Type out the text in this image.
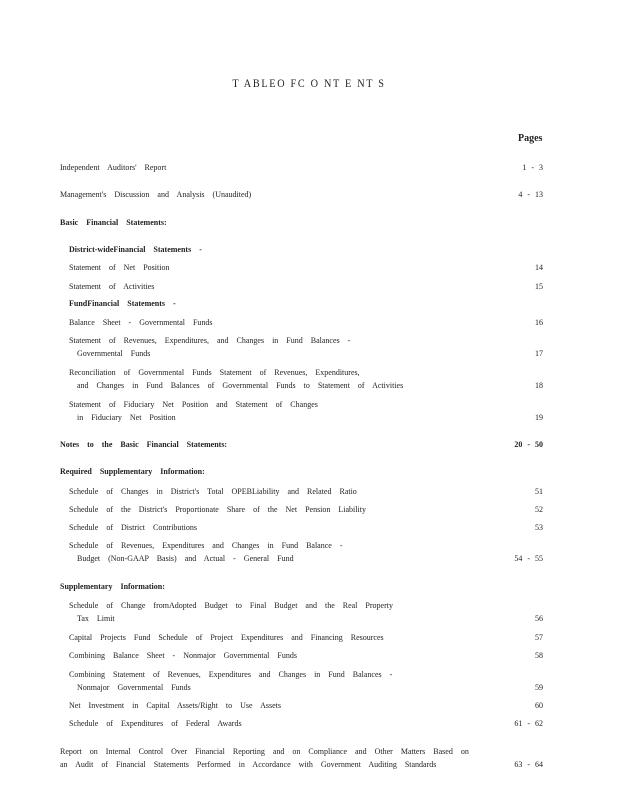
T ABLEO FC O NT E NT S
Pages
Independent Auditors' Report	1 - 3
Management's Discussion and Analysis (Unaudited)	4 - 13
Basic Financial Statements:
District-wideFinancial Statements -
Statement of Net Position	14
Statement of Activities	15
FundFinancial Statements -
Balance Sheet - Governmental Funds	16
Statement of Revenues, Expenditures, and Changes in Fund Balances -
Governmental Funds	17
Reconciliation of Governmental Funds Statement of Revenues, Expenditures,
and Changes in Fund Balances of Governmental Funds to Statement of Activities	18
Statement of Fiduciary Net Position and Statement of Changes
in Fiduciary Net Position	19
Notes to the Basic Financial Statements:	20 - 50
Required Supplementary Information:
Schedule of Changes in District's Total OPEBLiability and Related Ratio	51
Schedule of the District's Proportionate Share of the Net Pension Liability	52
Schedule of District Contributions	53
Schedule of Revenues, Expenditures and Changes in Fund Balance -
Budget (Non-GAAP Basis) and Actual - General Fund	54 - 55
Supplementary Information:
Schedule of Change fromAdopted Budget to Final Budget and the Real Property
Tax Limit	56
Capital Projects Fund Schedule of Project Expenditures and Financing Resources	57
Combining Balance Sheet - Nonmajor Governmental Funds	58
Combining Statement of Revenues, Expenditures and Changes in Fund Balances -
Nonmajor Governmental Funds	59
Net Investment in Capital Assets/Right to Use Assets	60
Schedule of Expenditures of Federal Awards	61 - 62
Report on Internal Control Over Financial Reporting and on Compliance and Other Matters Based on
an Audit of Financial Statements Performed in Accordance with Government Auditing Standards	63 - 64
